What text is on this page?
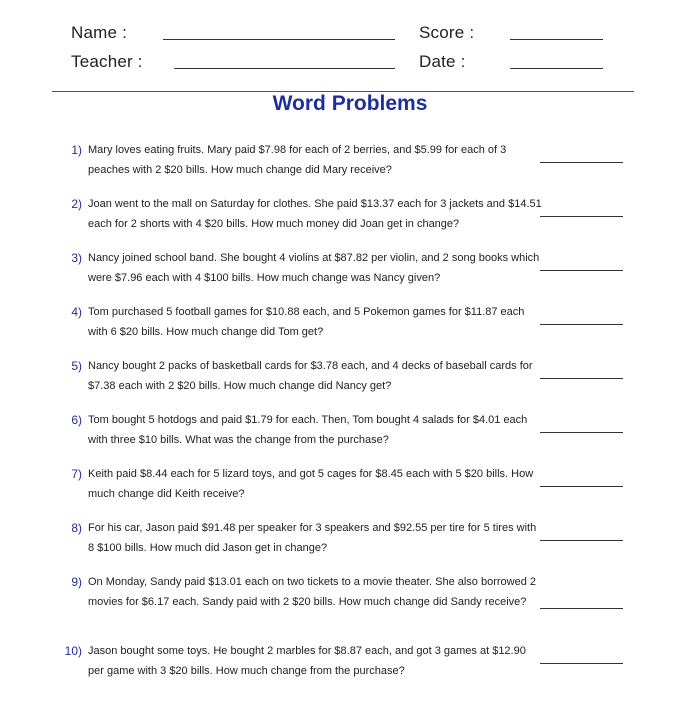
Name :	Score :
Teacher :	Date :
Word Problems
1) Mary loves eating fruits. Mary paid $7.98 for each of 2 berries, and $5.99 for each of 3 peaches with 2 $20 bills. How much change did Mary receive?
2) Joan went to the mall on Saturday for clothes. She paid $13.37 each for 3 jackets and $14.51 each for 2 shorts with 4 $20 bills. How much money did Joan get in change?
3) Nancy joined school band. She bought 4 violins at $87.82 per violin, and 2 song books which were $7.96 each with 4 $100 bills. How much change was Nancy given?
4) Tom purchased 5 football games for $10.88 each, and 5 Pokemon games for $11.87 each with 6 $20 bills. How much change did Tom get?
5) Nancy bought 2 packs of basketball cards for $3.78 each, and 4 decks of baseball cards for $7.38 each with 2 $20 bills. How much change did Nancy get?
6) Tom bought 5 hotdogs and paid $1.79 for each. Then, Tom bought 4 salads for $4.01 each with three $10 bills. What was the change from the purchase?
7) Keith paid $8.44 each for 5 lizard toys, and got 5 cages for $8.45 each with 5 $20 bills. How much change did Keith receive?
8) For his car, Jason paid $91.48 per speaker for 3 speakers and $92.55 per tire for 5 tires with 8 $100 bills. How much did Jason get in change?
9) On Monday, Sandy paid $13.01 each on two tickets to a movie theater. She also borrowed 2 movies for $6.17 each. Sandy paid with 2 $20 bills. How much change did Sandy receive?
10) Jason bought some toys. He bought 2 marbles for $8.87 each, and got 3 games at $12.90 per game with 3 $20 bills. How much change from the purchase?
